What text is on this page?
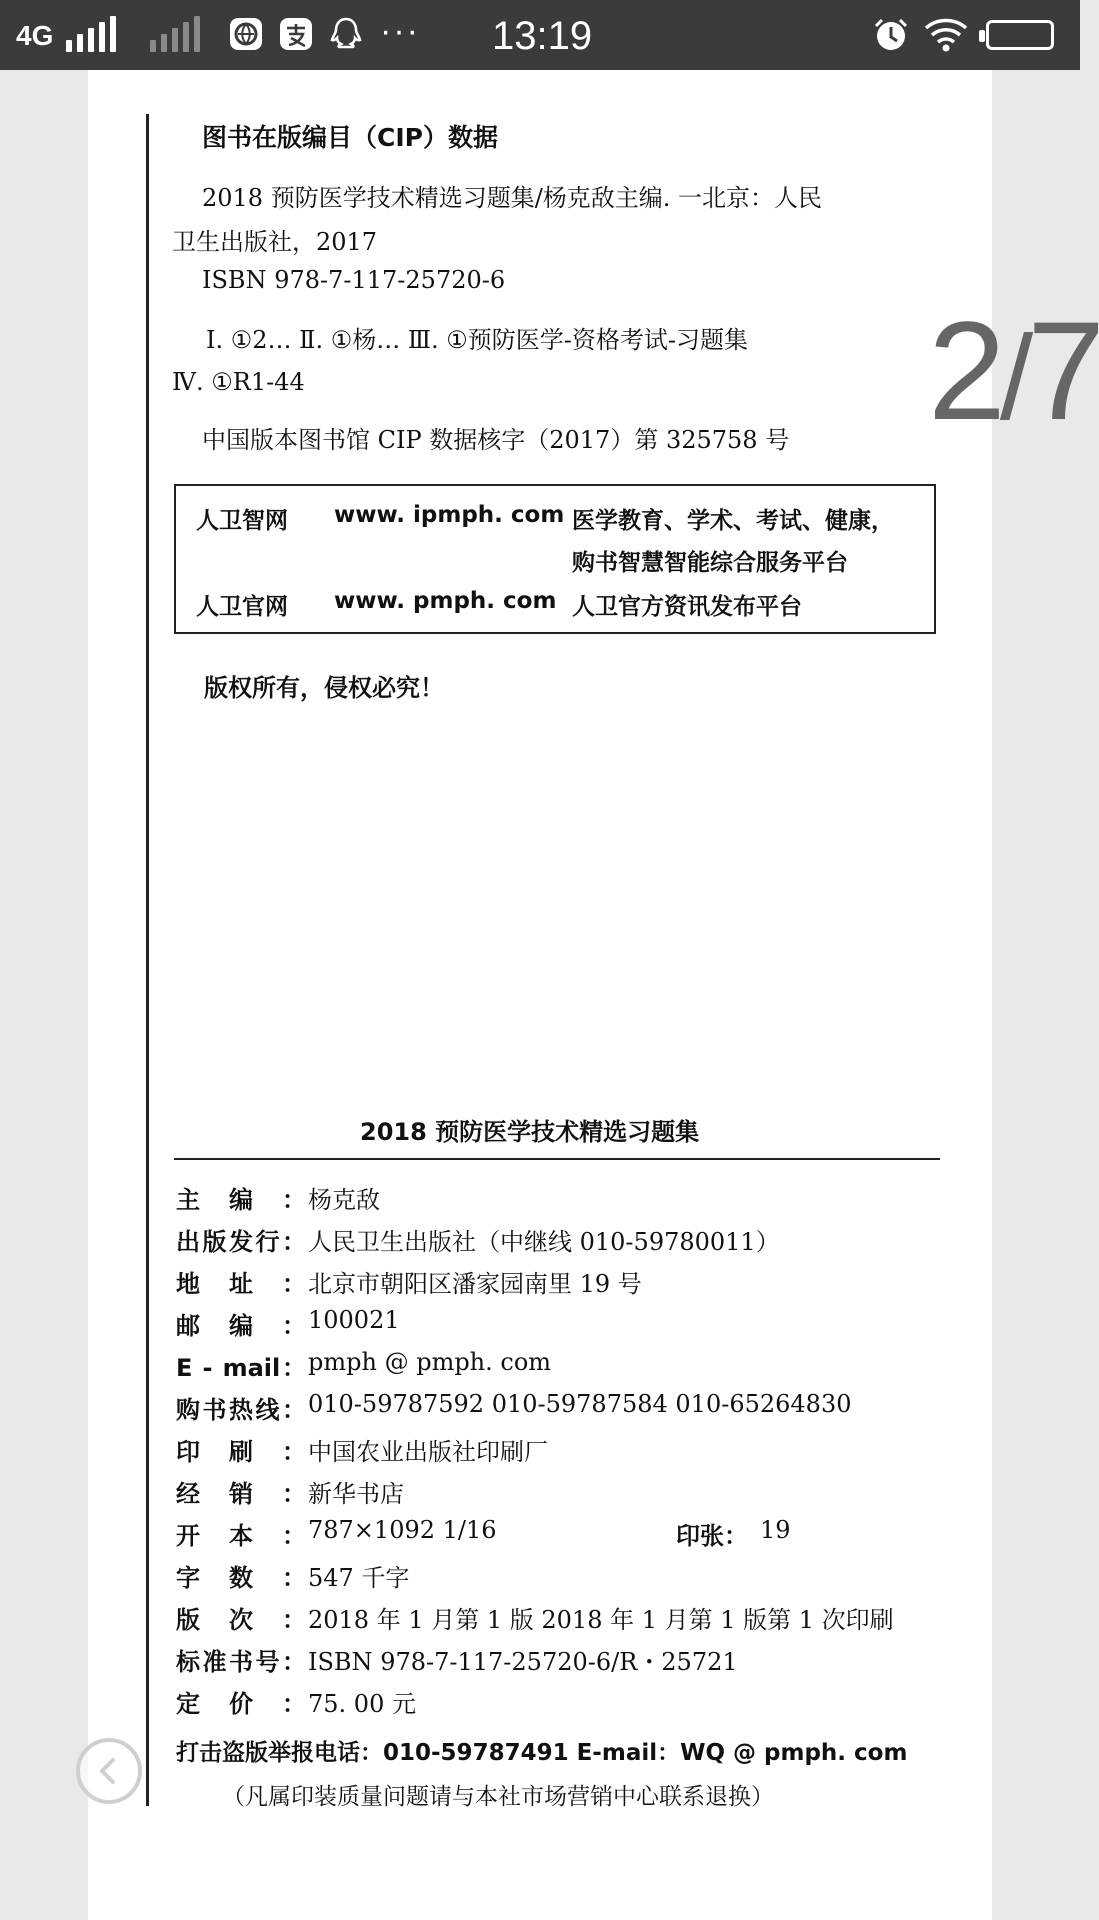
4G	··· 13:19
图书在版编目（CIP）数据
2018 预防医学技术精选习题集/杨克敌主编. 一北京：人民
卫生出版社，2017
ISBN 978-7-117-25720-6
Ⅰ. ①2… Ⅱ. ①杨… Ⅲ. ①预防医学-资格考试-习题集
Ⅳ. ①R1-44
中国版本图书馆 CIP 数据核字（2017）第 325758 号
人卫智网 www. ipmph. com 医学教育、学术、考试、健康，
购书智慧智能综合服务平台
人卫官网 www. pmph. com 人卫官方资讯发布平台
版权所有，侵权必究！
2018 预防医学技术精选习题集
主编： 杨克敌
出版发行： 人民卫生出版社（中继线 010-59780011）
地址： 北京市朝阳区潘家园南里 19 号
邮编： 100021
E - mail： pmph @ pmph. com
购书热线： 010-59787592 010-59787584 010-65264830
印刷： 中国农业出版社印刷厂
经销： 新华书店
开本： 787×1092 1/16	印张： 19
字数： 547 千字
版次： 2018 年 1 月第 1 版 2018 年 1 月第 1 版第 1 次印刷
标准书号： ISBN 978-7-117-25720-6/R・25721
定价： 75. 00 元
打击盗版举报电话：010-59787491 E-mail：WQ @ pmph. com
（凡属印装质量问题请与本社市场营销中心联系退换）
2/7
